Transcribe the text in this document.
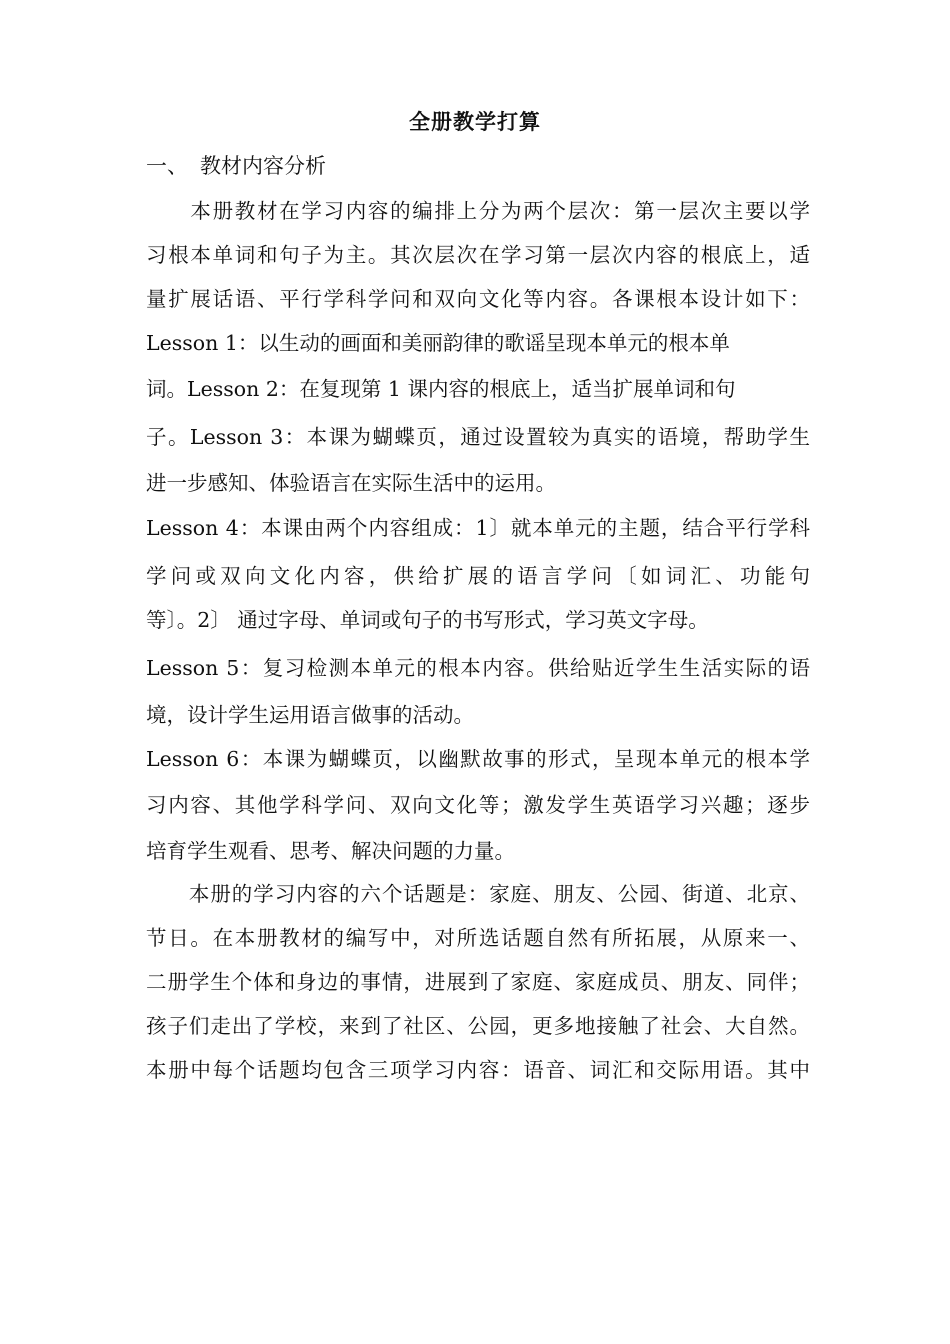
全册教学打算
一、 教材内容分析
　　本册教材在学习内容的编排上分为两个层次：第一层次主要以学
习根本单词和句子为主。其次层次在学习第一层次内容的根底上，适
量扩展话语、平行学科学问和双向文化等内容。各课根本设计如下：
Lesson 1：以生动的画面和美丽韵律的歌谣呈现本单元的根本单
词。Lesson 2：在复现第 1 课内容的根底上，适当扩展单词和句
子。Lesson 3：本课为蝴蝶页，通过设置较为真实的语境，帮助学生
进一步感知、体验语言在实际生活中的运用。
Lesson 4：本课由两个内容组成：1〕就本单元的主题，结合平行学科
学问或双向文化内容，供给扩展的语言学问〔如词汇、功能句
等〕。2〕 通过字母、单词或句子的书写形式，学习英文字母。
Lesson 5：复习检测本单元的根本内容。供给贴近学生生活实际的语
境，设计学生运用语言做事的活动。
Lesson 6：本课为蝴蝶页，以幽默故事的形式，呈现本单元的根本学
习内容、其他学科学问、双向文化等；激发学生英语学习兴趣；逐步
培育学生观看、思考、解决问题的力量。
　　本册的学习内容的六个话题是：家庭、朋友、公园、街道、北京、
节日。在本册教材的编写中，对所选话题自然有所拓展，从原来一、
二册学生个体和身边的事情，进展到了家庭、家庭成员、朋友、同伴；
孩子们走出了学校，来到了社区、公园，更多地接触了社会、大自然。
本册中每个话题均包含三项学习内容：语音、词汇和交际用语。其中
